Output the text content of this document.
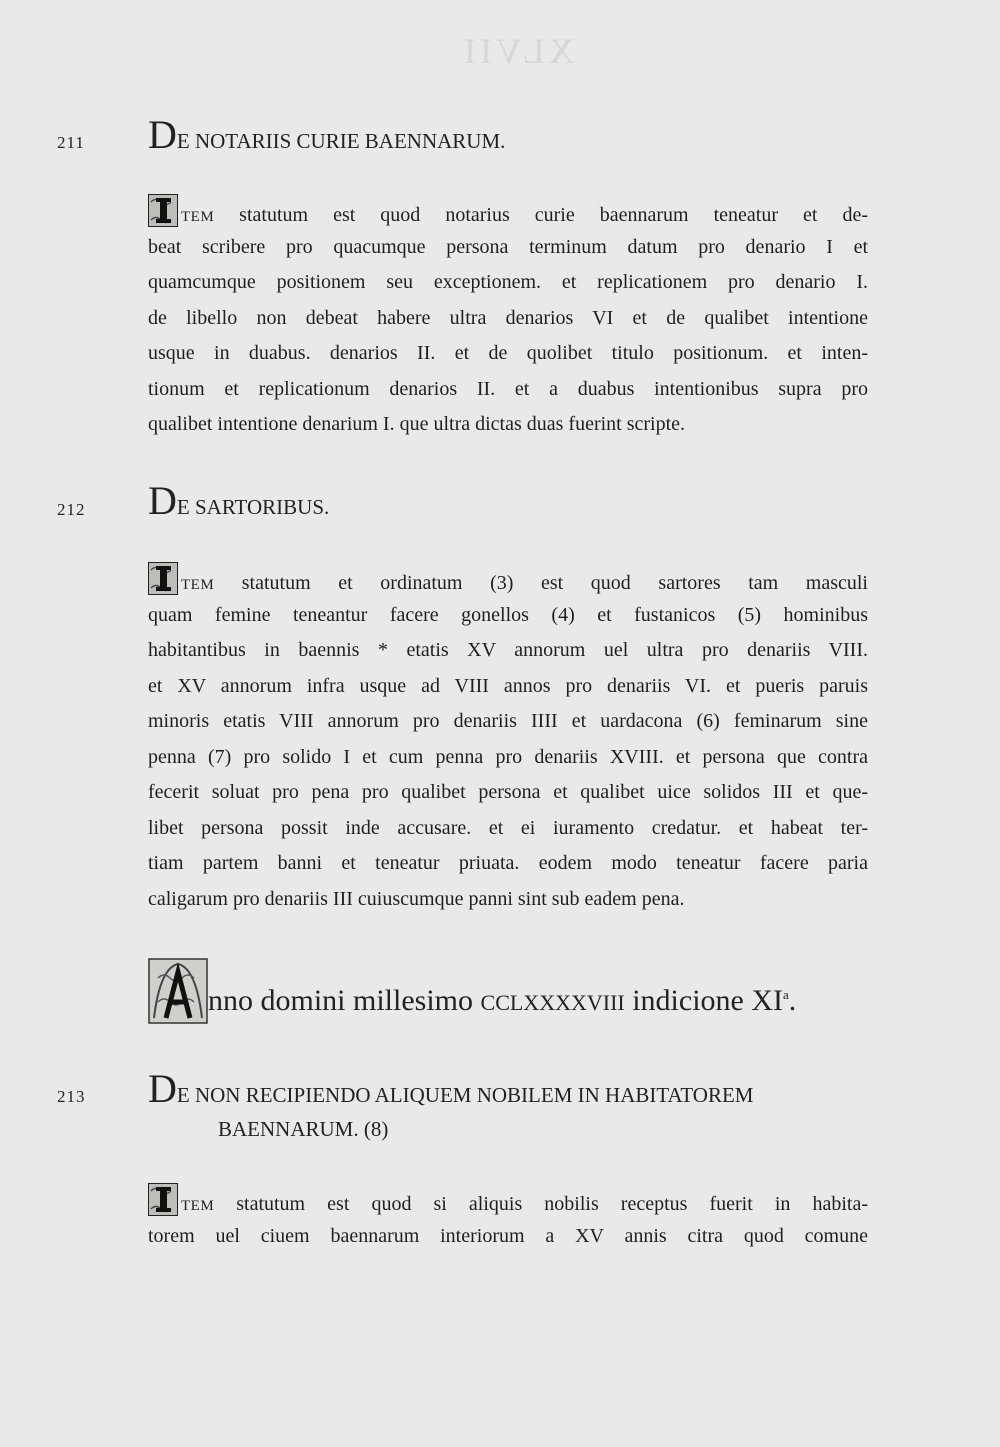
XLVII
211 DE NOTARIIS CURIE BAENNARUM.
TEM statutum est quod notarius curie baennarum teneatur et de-
beat scribere pro quacumque persona terminum datum pro denario I et
quamcumque positionem seu exceptionem. et replicationem pro denario I.
de libello non debeat habere ultra denarios VI et de qualibet intentione
usque in duabus. denarios II. et de quolibet titulo positionum. et inten-
tionum et replicationum denarios II. et a duabus intentionibus supra pro
qualibet intentione denarium I. que ultra dictas duas fuerint scripte.
212 DE SARTORIBUS.
TEM statutum et ordinatum (3) est quod sartores tam masculi
quam femine teneantur facere gonellos (4) et fustanicos (5) hominibus
habitantibus in baennis * etatis XV annorum uel ultra pro denariis VIII.
et XV annorum infra usque ad VIII annos pro denariis VI. et pueris paruis
minoris etatis VIII annorum pro denariis IIII et uardacona (6) feminarum sine
penna (7) pro solido I et cum penna pro denariis XVIII. et persona que contra
fecerit soluat pro pena pro qualibet persona et qualibet uice solidos III et que-
libet persona possit inde accusare. et ei iuramento credatur. et habeat ter-
tiam partem banni et teneatur priuata. eodem modo teneatur facere paria
caligarum pro denariis III cuiuscumque panni sint sub eadem pena.
nno domini millesimo CCLXXXXVIII indicione $XI^a$.
213 DE NON RECIPIENDO ALIQUEM NOBILEM IN HABITATOREM
BAENNARUM. (8)
TEM statutum est quod si aliquis nobilis receptus fuerit in habita-
torem uel ciuem baennarum interiorum a XV annis citra quod comune
